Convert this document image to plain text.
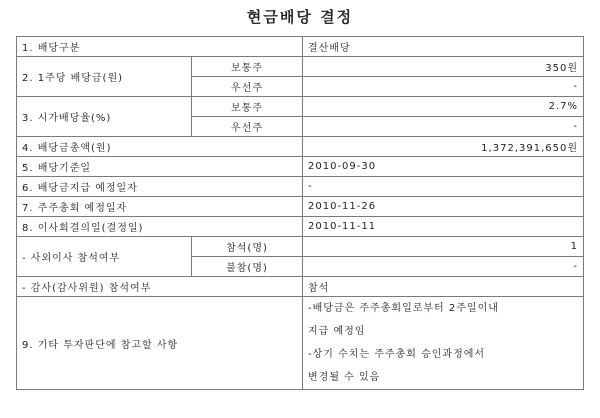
현금배당 결정
1. 배당구분		결산배당
2. 1주당 배당금(원)	보통주	350원
	우선주	-
3. 시가배당율(%)	보통주	2.7%
	우선주	-
4. 배당금총액(원)		1,372,391,650원
5. 배당기준일		2010-09-30
6. 배당금지급 예정일자		-
7. 주주총회 예정일자		2010-11-26
8. 이사회결의일(결정일)		2010-11-11
- 사외이사 참석여부	참석(명)	1
	불참(명)	-
- 감사(감사위원) 참석여부		참석
9. 기타 투자판단에 참고할 사항		-배당금은 주주총회일로부터 2주일이내
지급 예정임
-상기 수치는 주주총회 승인과정에서
변경될 수 있음
